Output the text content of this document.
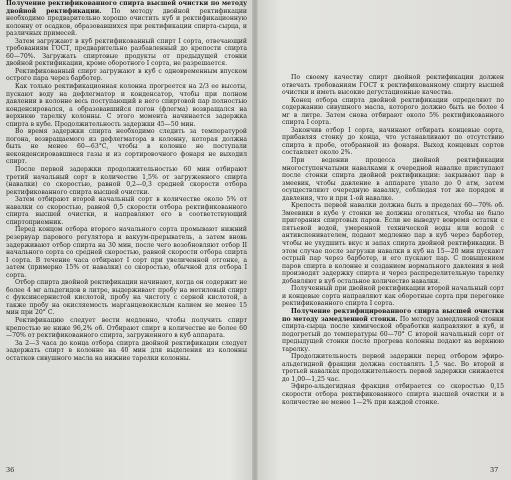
Получение ректификованного спирта высшей очистки по методу двойной ректификации. По методу двойной ректификации необходимо предварительно хорошо очистить куб и ректификационную колонну от осадков, образовавшихся при ректификации спирта-сырца, и различных примесей.

Затем загружают в куб ректификованный спирт I сорта, отвечающий требованиям ГОСТ, предварительно разбавленный до крепости спирта 60—70%. Загружать спиртовые продукты от предыдущей стонки двойной ректификации, кроме оборотного I сорта, не разрешается.

Ректификованный спирт загружают в куб с одновременным впуском острого пара через барботер.

Как только ректификационная колонна прогреется на 2/3 ее высоты, пускают воду на дефлегматор и конденсатор, чтобы при полном давлении в колонне весь поступающий в него спиртовой пар полностью конденсировался, а образовавшийся погон (флегма) возвращался на верхнюю тарелку колонны. С этого момента начинается задержка спирта в кубе. Продолжительность задержки 45—50 мин.

Во время задержки спирта необходимо следить за температурой погона, возвращаемого из дефлегматора в колонну, которая должна быть не менее 60—63°С, чтобы в колонке не поступали неконденсировавшиеся газы и из сортировочного фонаря не выходил спирт.

После первой задержки продолжительностью 60 мин отбирают третий начальный сорт в количестве 1,5% от загруженного спирта (навалки) со скоростью, равной 0,2—0,3 средней скорости отбора ректификованного спирта высшей очистки.

Затем отбирают второй начальный сорт в количестве около 5% от навалки со скоростью, равной 0,5 скорости отбора ректификованного спирта высшей очистки, и направляют его в соответствующий спиртоприемник.

Перед концом отбора второго начального сорта промывают нижний резервуар парового регулятора и вакуум-прерыватель, а затем вновь задерживают отбор спирта на 30 мин, после чего возобновляют отбор II начального сорта со средней скоростью, равной скорости отбора спирта I сорта. В течение часа отбирают I сорт при увеличенной отгонке, а затем (примерно 15% от навалки) со скоростью, обычной для отбора I сорта.

Отбор спирта двойной ректификации начинают, когда он содержит не более 4 мг альдегидов в литре, выдерживает пробу на метиловый спирт с фуксинсернистой кислотой, пробу на чистоту с серной кислотой, а также пробу на окисляемость марганцевокислым калием не менее 15 мин при 20° С.

Ректификацию следует вести медленно, чтобы получить спирт крепостью не ниже 96,2% об. Отбирают спирт в количестве не более 60—70% от ректификованного спирта, загруженного в куб аппарата.

За 2—3 часа до конца отбора спирта двойной ректификации следует задержать спирт в колонне на 40 мин для выделения из колонны остатков сивушного масла на нижние тарелки колонны.

36

По своему качеству спирт двойной ректификации должен отвечать требованиям ГОСТ к ректификованному спирту высшей очистки и иметь высокие дегустационные качества.

Конец отбора спирта двойной ректификации определяют по содержанию сивушного масла, которого должно быть не более 4 мг в литре. Затем снова отбирают около 5% ректификованного спирта I сорта.

Закончив отбор I сорта, начинают отбирать концевые сорта, прибавляя стонку до конца, что устанавливают по отсутствию спирта в пробе, отобранной из фонаря. Выход концевых сортов составляет около 2%.

При ведении процесса двойной ректификации многоступенчатыми навалками к очередной навалке приступают после стонки спирта двойной ректификации: закрывают пар в змеевик, чтобы давление в аппарате упало до 0 атм, затем осуществляют очередную навалку, соблюдая тот же порядок и давления, что и при 1-ой навалке.

Крепость первой навалки должна быть в пределах 60—70% об. Змеевики в кубе у стонки не должны оголяться, чтобы не было пригорания спиртовых паров. Если не выведут вовремя остатки с пятьевой водой, умеренной технической воды или водой с антивспенивателем, подают медленно пар в куб через барботер, чтобы не ухудшить вкус и запах спирта двойной ректификации. В этом случае после загрузки навалки в куб на 15—20 мин пускают острый пар через барботер, и его пускают пар. С повышением паров спирта в колонне и созданием нормального давления в ней производят задержку спирта и через распределительную тарелку добавляют в куб остальное количество навалки.

Полученный при двойной ректификации второй начальный сорт и концевые сорта направляют как оборотные сорта при перегонке ректификованного спирта I сорта.

Получение ректифицированного спирта высшей очистки по методу замедленной стонки. По методу замедленной стонки спирта-сырца после химической обработки направляют в куб, и подогретый до температуры 60—70° С второй начальный сорт от предыдущей стонки после прогрева колонны подают на верхнюю тарелку.

Продолжительность первой задержки перед отбором эфиро-альдегидной фракции должна составлять 1,5 час. Во второй и третьей навалках продолжительность первой задержки снижается до 1,00—1,25 час.

Эфиро-альдегидная фракция отбирается со скоростью 0,15 скорости отбора ректификованного спирта высшей очистки и в количестве не менее 1—2% при каждой стонке.

37
